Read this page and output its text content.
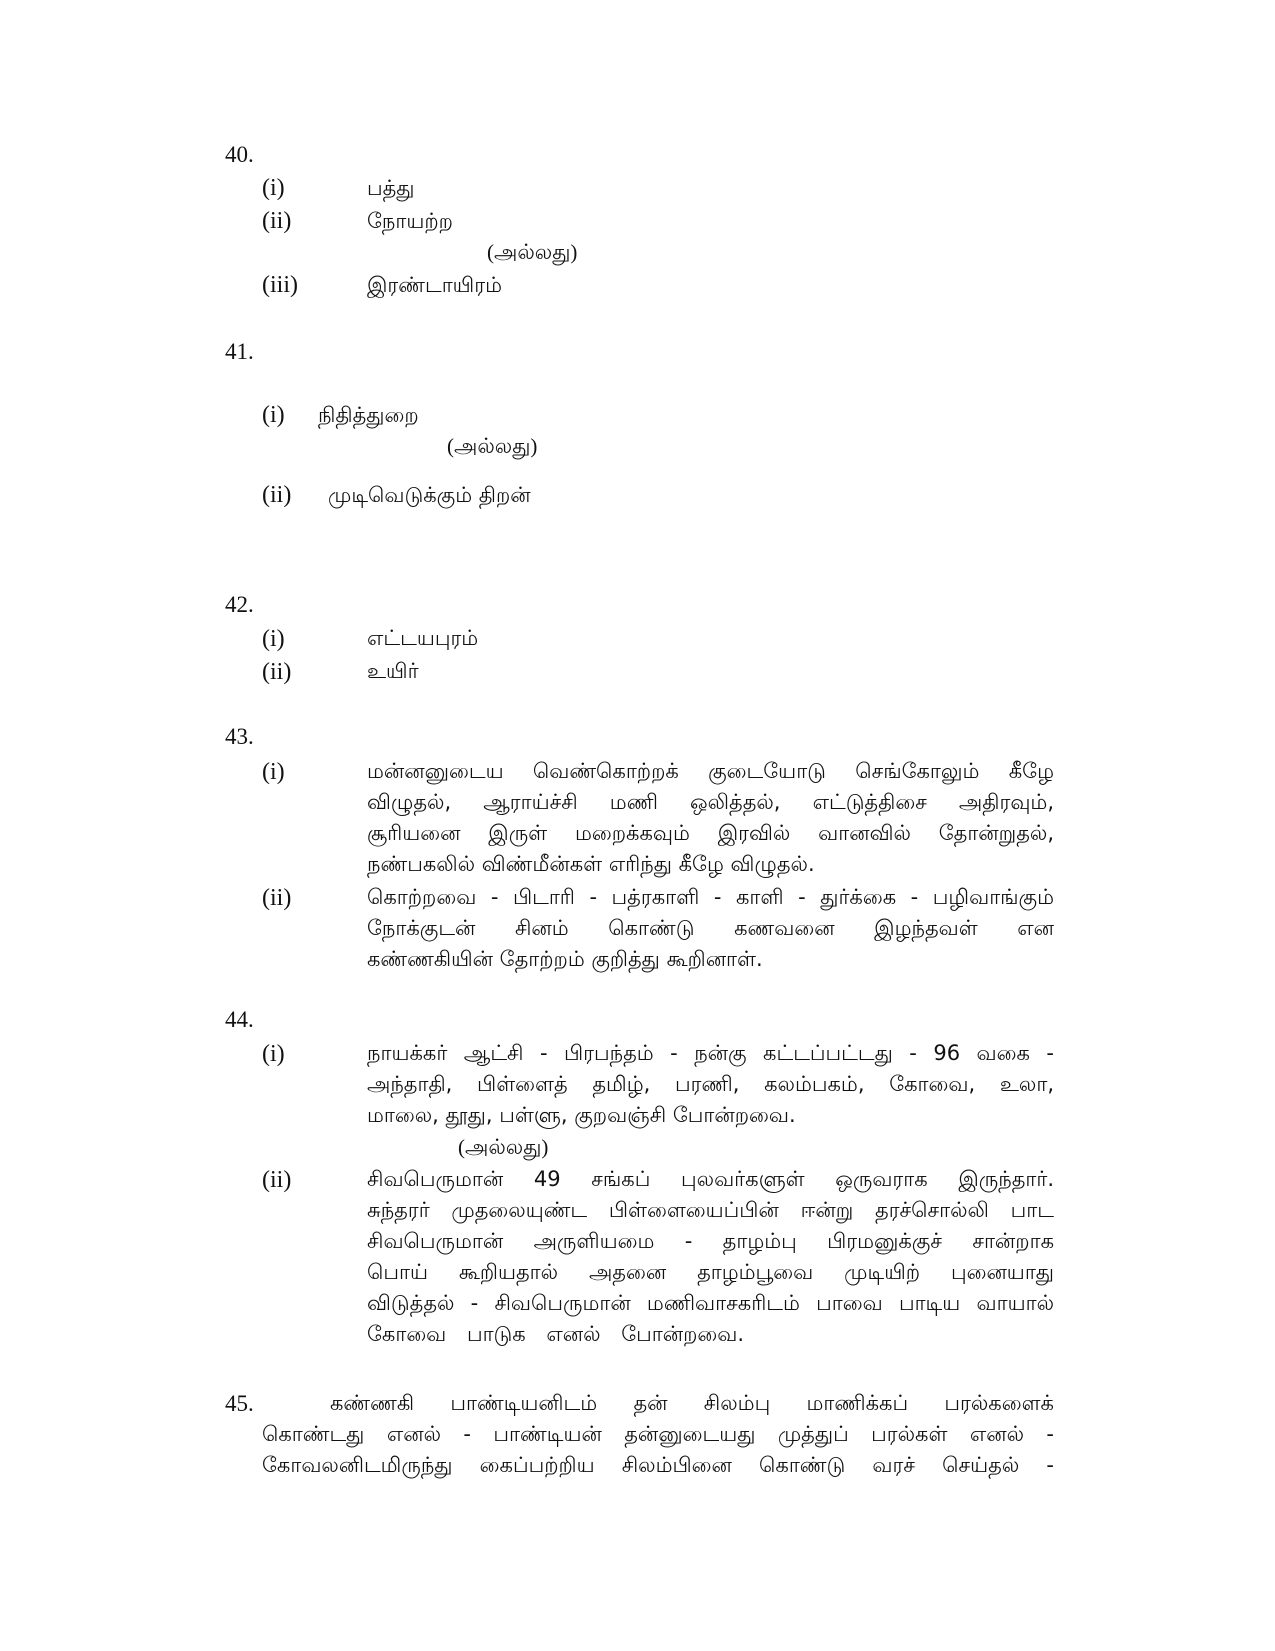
40.
(i)	பத்து
(ii)	நோயற்ற
(அல்லது)
(iii)	இரண்டாயிரம்
41.
(i) நிதித்துறை
(அல்லது)
(ii) முடிவெடுக்கும் திறன்
42.
(i)	எட்டயபுரம்
(ii)	உயிர்
43.
(i)	மன்னனுடைய வெண்கொற்றக் குடையோடு செங்கோலும் கீழே
விழுதல், ஆராய்ச்சி மணி ஒலித்தல், எட்டுத்திசை அதிரவும்,
சூரியனை இருள் மறைக்கவும் இரவில் வானவில் தோன்றுதல்,
நண்பகலில் விண்மீன்கள் எரிந்து கீழே விழுதல்.
(ii)	கொற்றவை - பிடாரி - பத்ரகாளி - காளி - துர்க்கை - பழிவாங்கும்
நோக்குடன் சினம் கொண்டு கணவனை இழந்தவள் என
கண்ணகியின் தோற்றம் குறித்து கூறினாள்.
44.
(i)	நாயக்கர் ஆட்சி - பிரபந்தம் - நன்கு கட்டப்பட்டது - 96 வகை -
அந்தாதி, பிள்ளைத் தமிழ், பரணி, கலம்பகம், கோவை, உலா,
மாலை, தூது, பள்ளு, குறவஞ்சி போன்றவை.
(அல்லது)
(ii)	சிவபெருமான் 49 சங்கப் புலவர்களுள் ஒருவராக இருந்தார்.
சுந்தரர் முதலையுண்ட பிள்ளையைப்பின் ஈன்று தரச்சொல்லி பாட
சிவபெருமான் அருளியமை - தாழம்பு பிரமனுக்குச் சான்றாக
பொய் கூறியதால் அதனை தாழம்பூவை முடியிற் புனையாது
விடுத்தல் - சிவபெருமான் மணிவாசகரிடம் பாவை பாடிய வாயால்
கோவை பாடுக எனல் போன்றவை.
45.	கண்ணகி பாண்டியனிடம் தன் சிலம்பு மாணிக்கப் பரல்களைக்
கொண்டது எனல் - பாண்டியன் தன்னுடையது முத்துப் பரல்கள் எனல் -
கோவலனிடமிருந்து கைப்பற்றிய சிலம்பினை கொண்டு வரச் செய்தல் -
